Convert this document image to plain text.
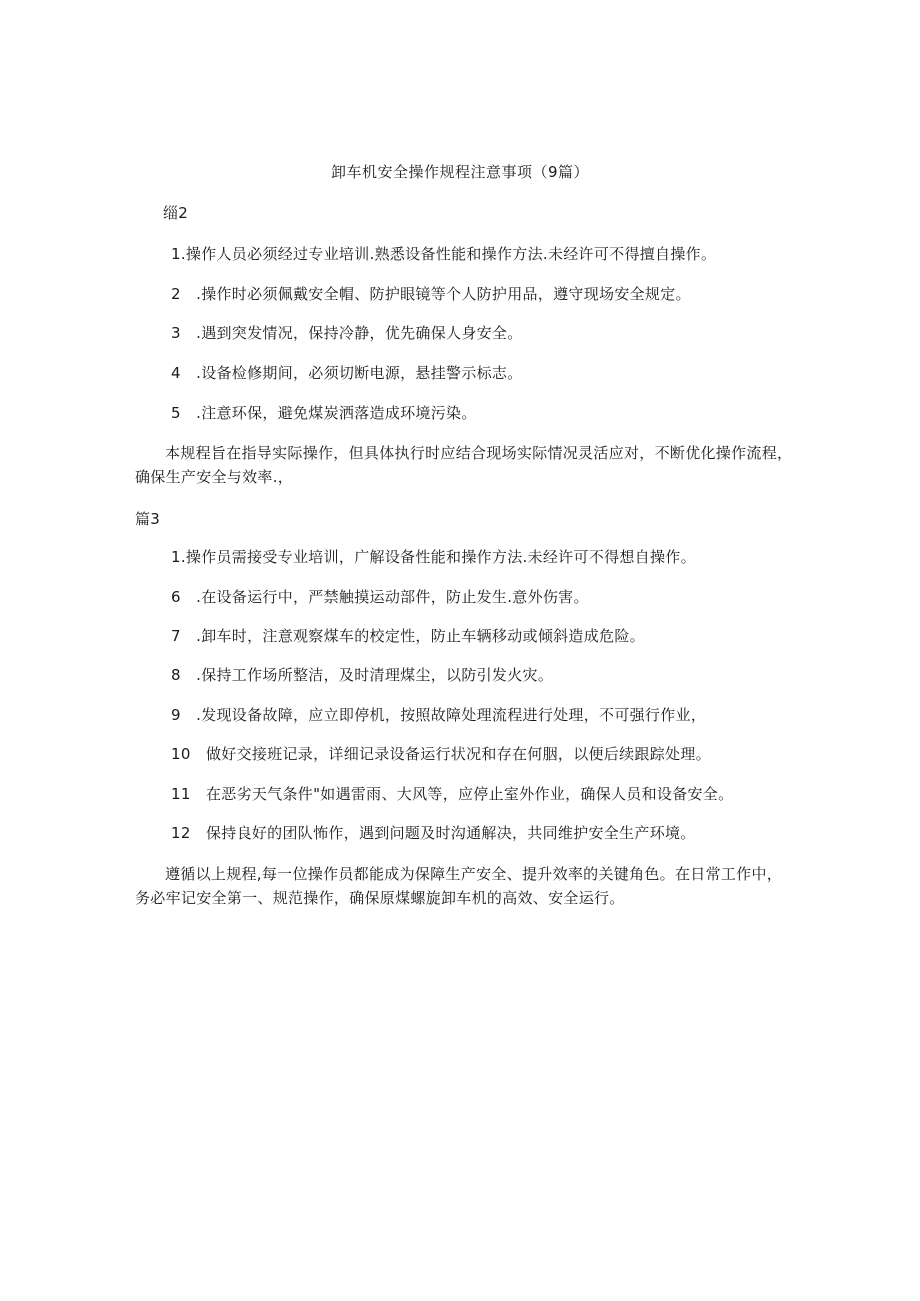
卸车机安全操作规程注意事项（9篇）
缁2
1.操作人员必须经过专业培训.熟悉设备性能和操作方法.未经许可不得擅自操作。
2　.操作时必须佩戴安全帽、防护眼镜等个人防护用品，遵守现场安全规定。
3　.遇到突发情况，保持冷静，优先确保人身安全。
4　.设备检修期间，必须切断电源，悬挂警示标志。
5　.注意环保，避免煤炭洒落造成环境污染。
本规程旨在指导实际操作，但具体执行时应结合现场实际情况灵活应对，不断优化操作流程，确保生产安全与效率.，
篇3
1.操作员需接受专业培训，广解设备性能和操作方法.未经许可不得想自操作。
6　.在设备运行中，严禁触摸运动部件，防止发生.意外伤害。
7　.卸车时，注意观察煤车的校定性，防止车辆移动或倾斜造成危险。
8　.保持工作场所整洁，及时清理煤尘，以防引发火灾。
9　.发现设备故障，应立即停机，按照故障处理流程进行处理，不可强行作业，
10　做好交接班记录，详细记录设备运行状况和存在何胭，以便后续跟踪处理。
11　在恶劣天气条件"如遇雷雨、大风等，应停止室外作业，确保人员和设备安全。
12　保持良好的团队怖作，遇到问题及时沟通解决，共同维护安全生产环境。
遵循以上规程,每一位操作员都能成为保障生产安全、提升效率的关键角色。在日常工作中，务必牢记安全第一、规范操作，确保原煤螺旋卸车机的高效、安全运行。
